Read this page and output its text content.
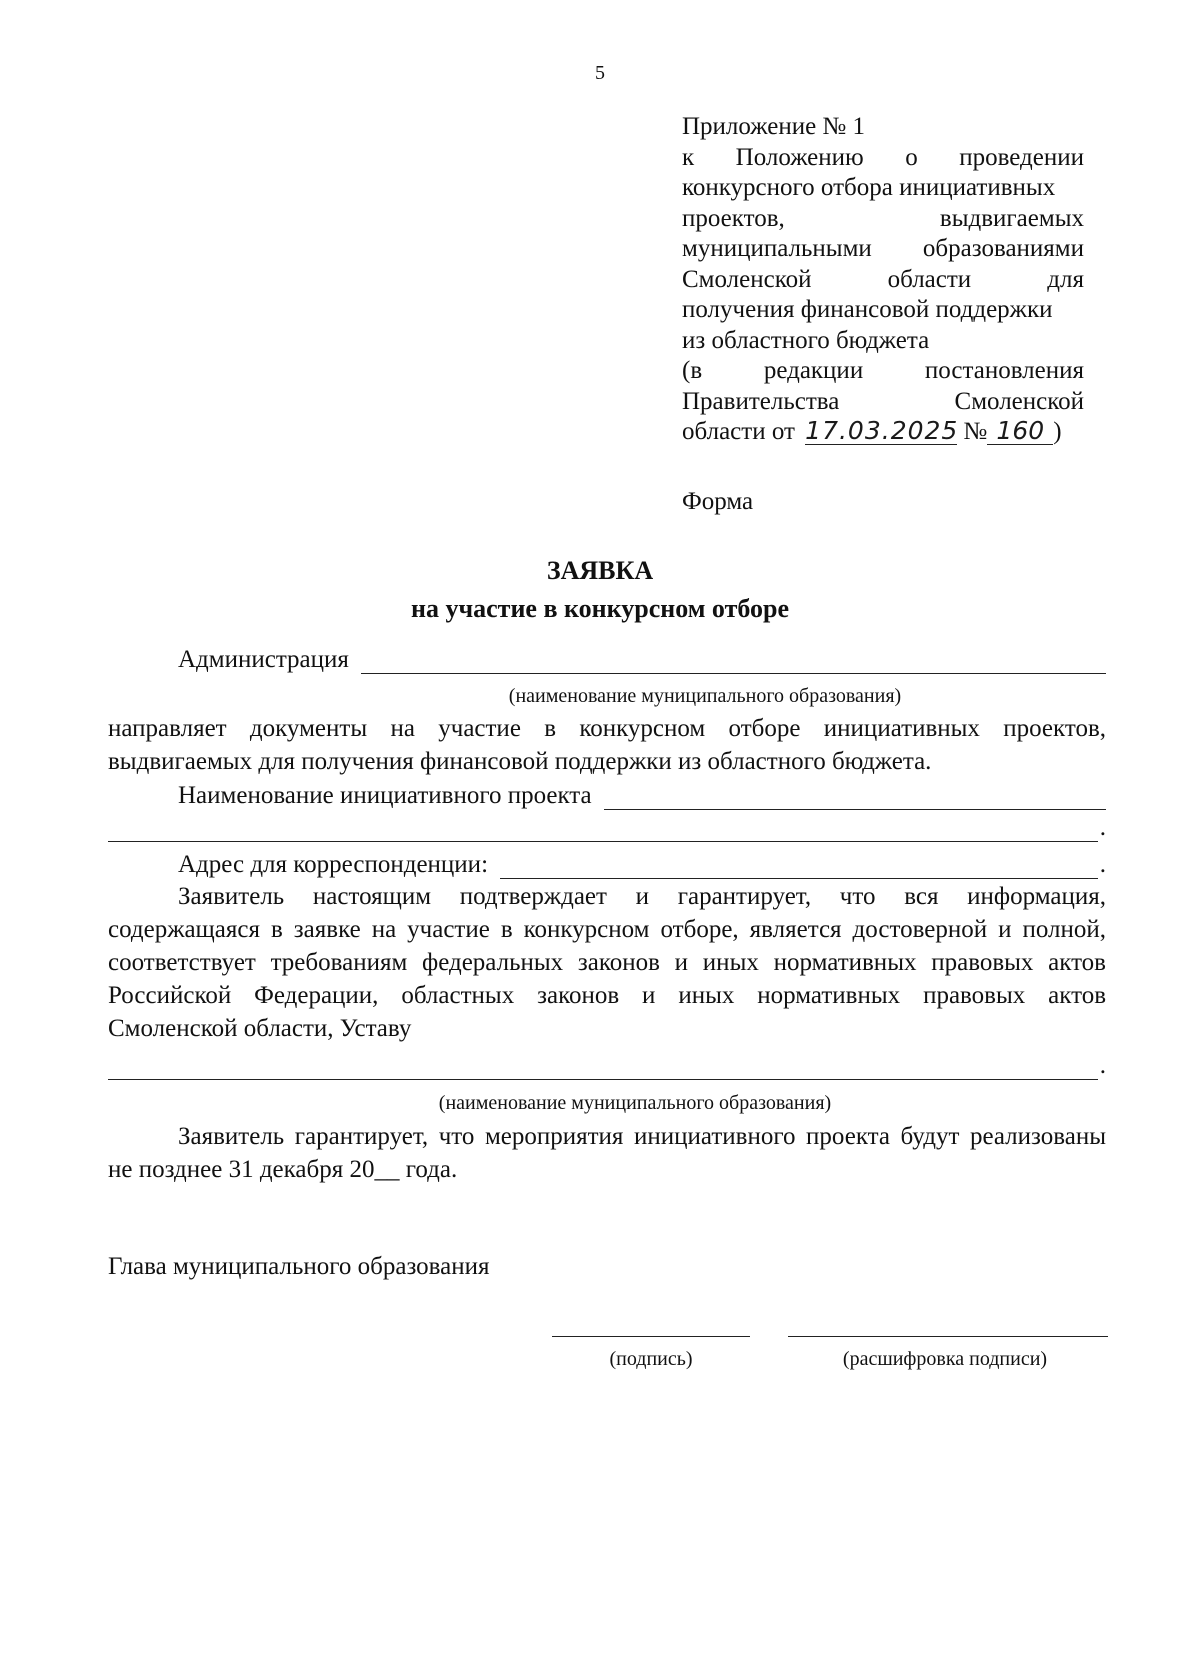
5
Приложение № 1
к Положению о проведении
конкурсного отбора инициативных
проектов,	выдвигаемых
муниципальными образованиями
Смоленской	области	для
получения финансовой поддержки
из областного бюджета
(в редакции постановления
Правительства	Смоленской
области от 17.03.2025 № 160 )
Форма
ЗАЯВКА
на участие в конкурсном отборе
Администрация
(наименование муниципального образования)
направляет документы на участие в конкурсном отборе инициативных проектов, выдвигаемых для получения финансовой поддержки из областного бюджета.
Наименование инициативного проекта
.
Адрес для корреспонденции:	.
Заявитель настоящим подтверждает и гарантирует, что вся информация, содержащаяся в заявке на участие в конкурсном отборе, является достоверной и полной, соответствует требованиям федеральных законов и иных нормативных правовых актов Российской Федерации, областных законов и иных нормативных правовых актов Смоленской области, Уставу
.
(наименование муниципального образования)
Заявитель гарантирует, что мероприятия инициативного проекта будут реализованы не позднее 31 декабря 20__ года.
Глава муниципального образования
(подпись)	(расшифровка подписи)
